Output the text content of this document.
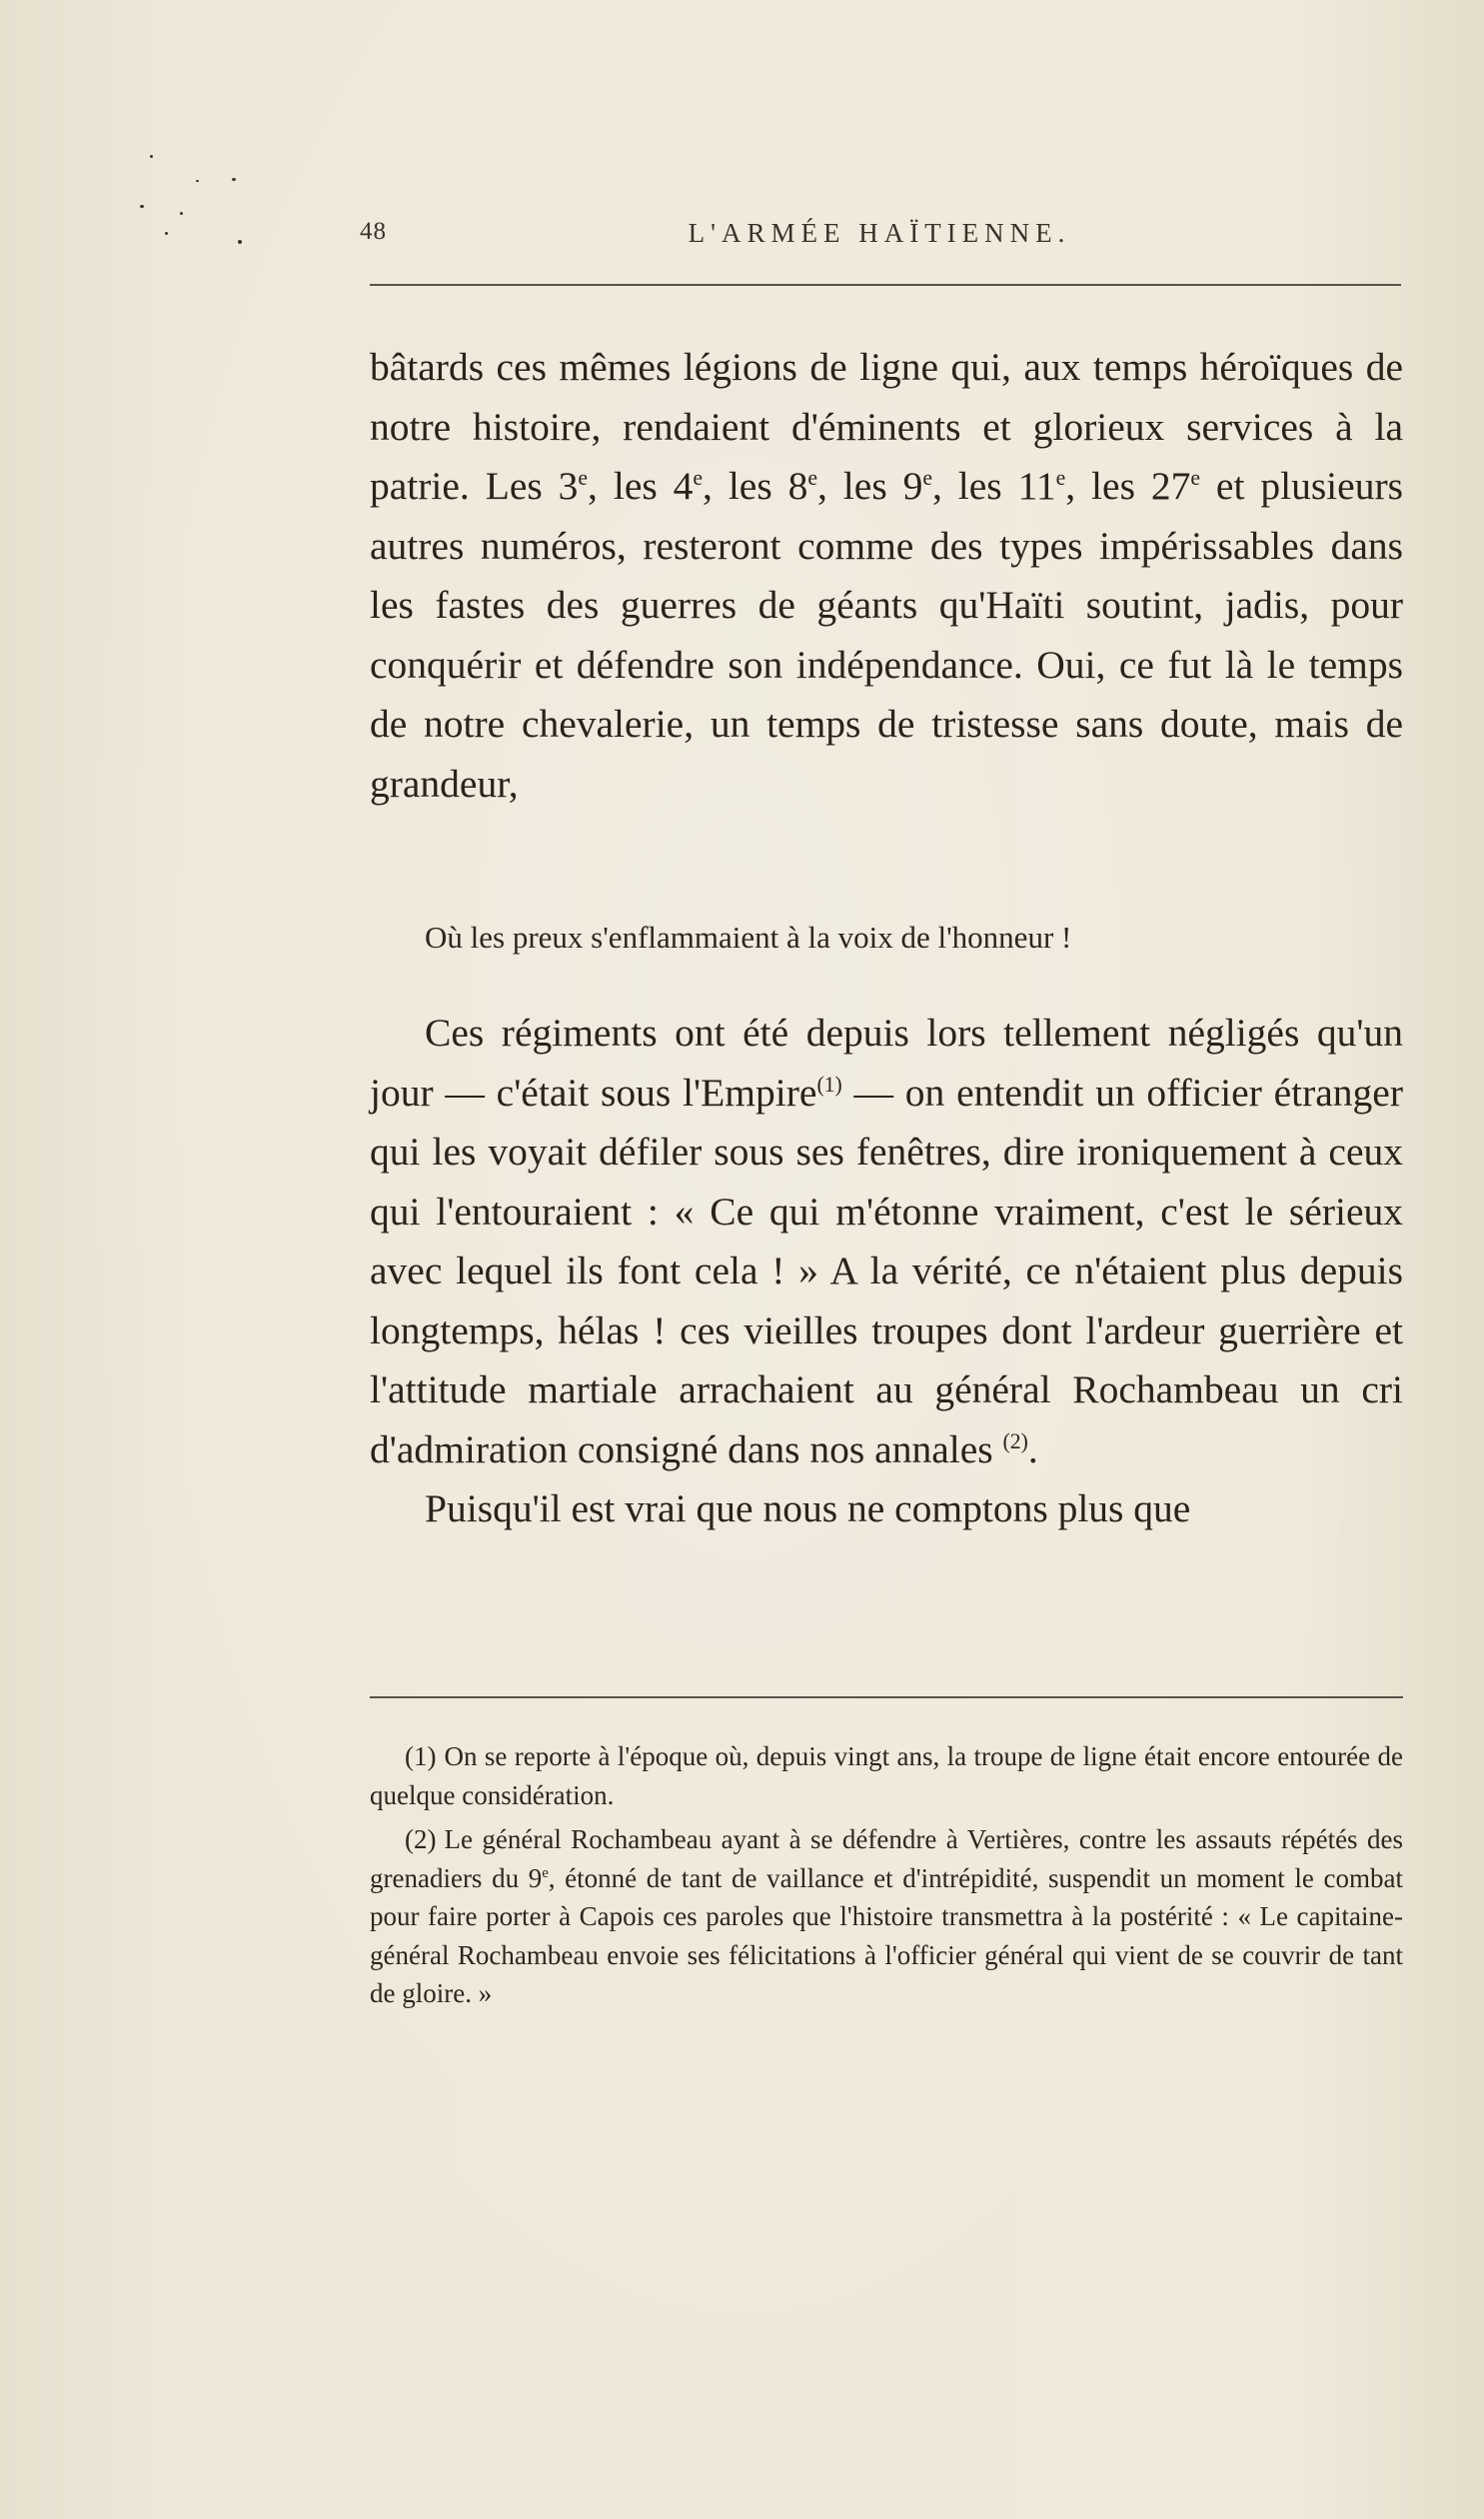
48	L'ARMÉE HAÏTIENNE.

bâtards ces mêmes légions de ligne qui, aux temps héroïques de notre histoire, rendaient d'éminents et glorieux services à la patrie. Les 3e, les 4e, les 8e, les 9e, les 11e, les 27e et plusieurs autres numéros, resteront comme des types impérissables dans les fastes des guerres de géants qu'Haïti soutint, jadis, pour conquérir et défendre son indépendance. Oui, ce fut là le temps de notre chevalerie, un temps de tristesse sans doute, mais de grandeur,

Où les preux s'enflammaient à la voix de l'honneur !

Ces régiments ont été depuis lors tellement négligés qu'un jour — c'était sous l'Empire$^{(1)}$ — on entendit un officier étranger qui les voyait défiler sous ses fenêtres, dire ironiquement à ceux qui l'entouraient : « Ce qui m'étonne vraiment, c'est le sérieux avec lequel ils font cela ! » A la vérité, ce n'étaient plus depuis longtemps, hélas ! ces vieilles troupes dont l'ardeur guerrière et l'attitude martiale arrachaient au général Rochambeau un cri d'admiration consigné dans nos annales $^{(2)}$.

Puisqu'il est vrai que nous ne comptons plus que

(1) On se reporte à l'époque où, depuis vingt ans, la troupe de ligne était encore entourée de quelque considération.

(2) Le général Rochambeau ayant à se défendre à Vertières, contre les assauts répétés des grenadiers du 9e, étonné de tant de vaillance et d'intrépidité, suspendit un moment le combat pour faire porter à Capois ces paroles que l'histoire transmettra à la postérité : « Le capitaine-général Rochambeau envoie ses félicitations à l'officier général qui vient de se couvrir de tant de gloire. »
